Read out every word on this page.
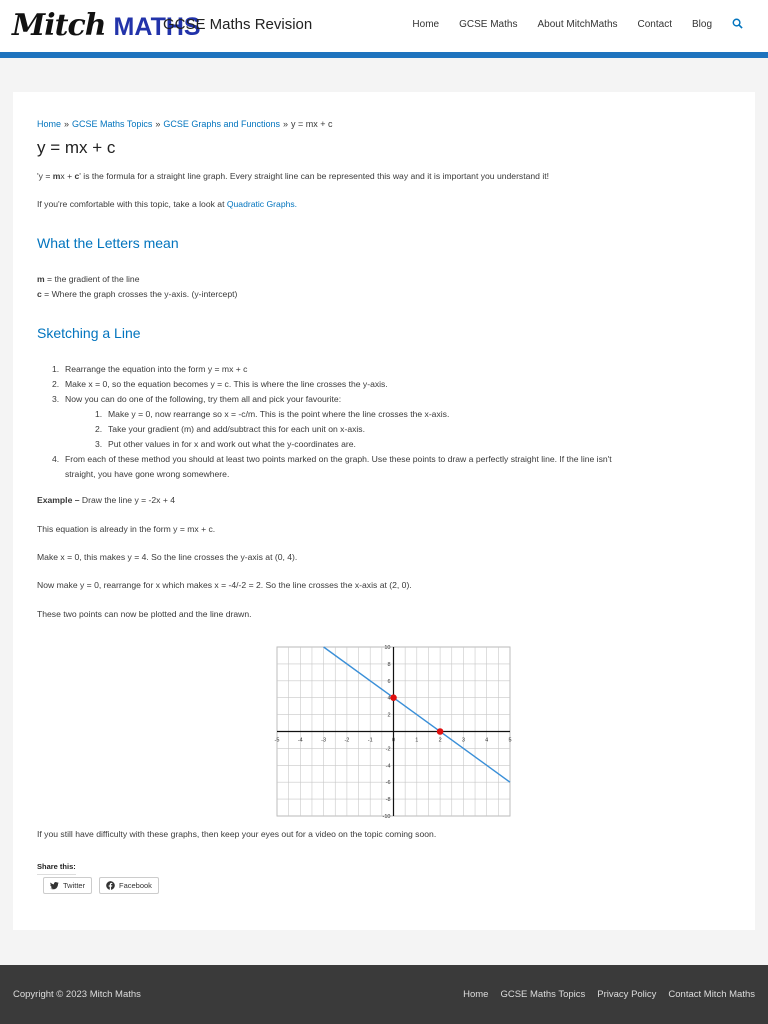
Mitch MATHS
GCSE Maths Revision	Home GCSE Maths About MitchMaths Contact Blog
Home » GCSE Maths Topics » GCSE Graphs and Functions » y = mx + c
y = mx + c

'y = mx + c' is the formula for a straight line graph. Every straight line can be represented this way and it is important you understand it!

If you're comfortable with this topic, take a look at Quadratic Graphs.

What the Letters mean

m = the gradient of the line

c = Where the graph crosses the y-axis. (y-intercept)

Sketching a Line
1. Rearrange the equation into the form y = mx + c
2. Make x = 0, so the equation becomes y = c. This is where the line crosses the y-axis.
3. Now you can do one of the following, try them all and pick your favourite:
1. Make y = 0, now rearrange so x = -c/m. This is the point where the line crosses the x-axis.
2. Take your gradient (m) and add/subtract this for each unit on x-axis.
3. Put other values in for x and work out what the y-coordinates are.
4. From each of these method you should at least two points marked on the graph. Use these points to draw a perfectly straight line. If the line isn't
straight, you have gone wrong somewhere.

Example – Draw the line y = -2x + 4

This equation is already in the form y = mx + c.

Make x = 0, this makes y = 4. So the line crosses the y-axis at (0, 4).

Now make y = 0, rearrange for x which makes x = -4/-2 = 2. So the line crosses the x-axis at (2, 0).

These two points can now be plotted and the line drawn.

-5	-4	-3	-2	-1	0	1	2	3	4	5
-10
-8
-6
-4
-2
2
4
6
8
10

If you still have difficulty with these graphs, then keep your eyes out for a video on the topic coming soon.

Share this:
Twitter	Facebook
Copyright © 2023 Mitch Maths	Home GCSE Maths Topics Privacy Policy Contact Mitch Maths
